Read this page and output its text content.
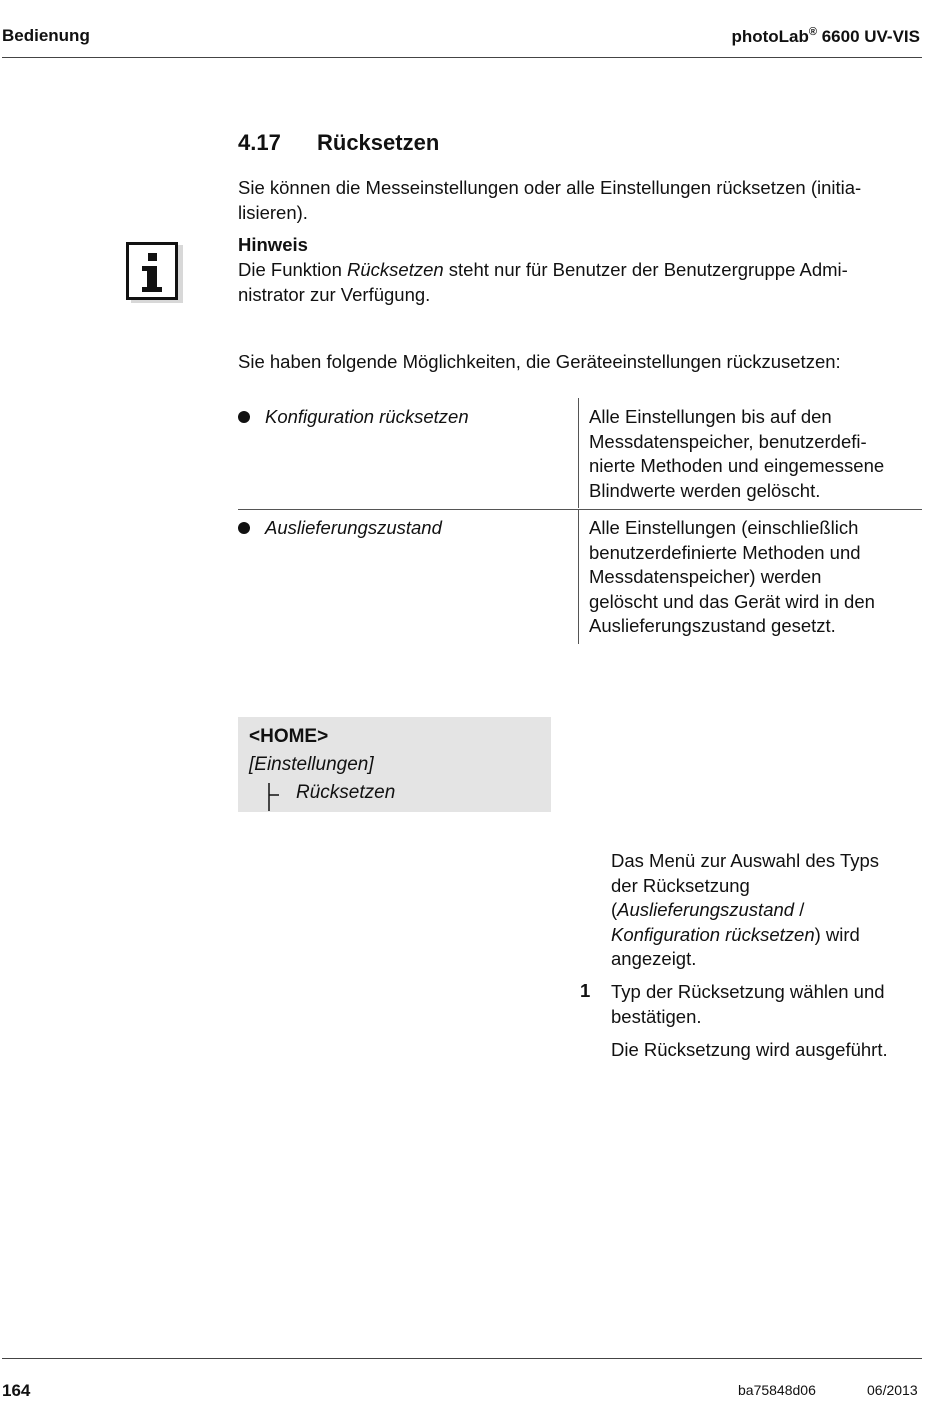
Bedienung	photoLab® 6600 UV-VIS
4.17 Rücksetzen
Sie können die Messeinstellungen oder alle Einstellungen rücksetzen (initia-
lisieren).
Hinweis
Die Funktion Rücksetzen steht nur für Benutzer der Benutzergruppe Admi-
nistrator zur Verfügung.
Sie haben folgende Möglichkeiten, die Geräteeinstellungen rückzusetzen:
Konfiguration rücksetzen	Alle Einstellungen bis auf den
Messdatenspeicher, benutzerdefi-
nierte Methoden und eingemessene
Blindwerte werden gelöscht.
Auslieferungszustand	Alle Einstellungen (einschließlich
benutzerdefinierte Methoden und
Messdatenspeicher) werden
gelöscht und das Gerät wird in den
Auslieferungszustand gesetzt.
<HOME>
[Einstellungen]
Rücksetzen
Das Menü zur Auswahl des Typs
der Rücksetzung
(Auslieferungszustand /
Konfiguration rücksetzen) wird
angezeigt.
1 Typ der Rücksetzung wählen und
bestätigen.
Die Rücksetzung wird ausgeführt.
164	ba75848d06	06/2013
